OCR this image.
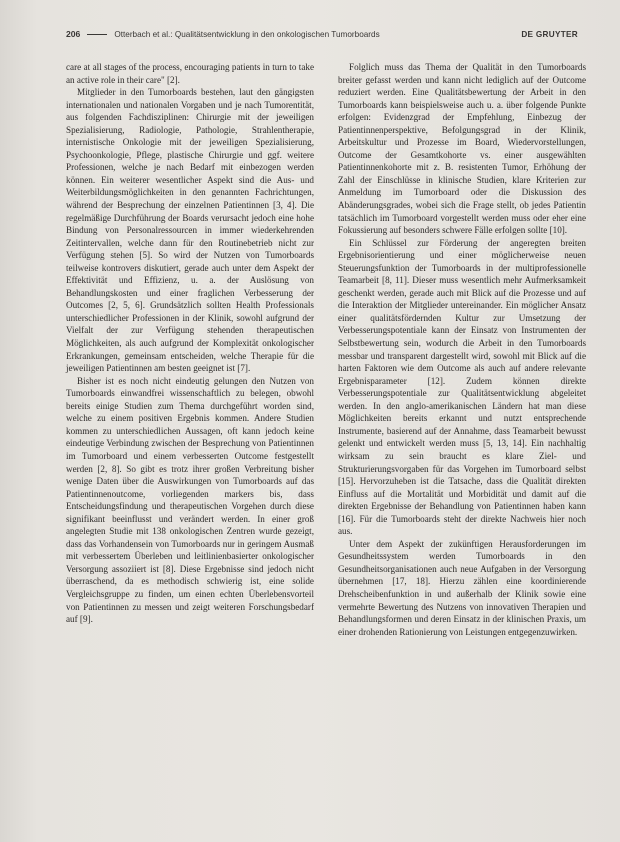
206	Otterbach et al.: Qualitätsentwicklung in den onkologischen Tumorboards	DE GRUYTER

care at all stages of the process, encouraging patients in turn to take an active role in their care" [2].

Mitglieder in den Tumorboards bestehen, laut den gängigsten internationalen und nationalen Vorgaben und je nach Tumorentität, aus folgenden Fachdisziplinen: Chirurgie mit der jeweiligen Spezialisierung, Radiologie, Pathologie, Strahlentherapie, internistische Onkologie mit der jeweiligen Spezialisierung, Psychoonkologie, Pflege, plastische Chirurgie und ggf. weitere Professionen, welche je nach Bedarf mit einbezogen werden können. Ein weiterer wesentlicher Aspekt sind die Aus- und Weiterbildungsmöglichkeiten in den genannten Fachrichtungen, während der Besprechung der einzelnen Patientinnen [3, 4]. Die regelmäßige Durchführung der Boards verursacht jedoch eine hohe Bindung von Personalressourcen in immer wiederkehrenden Zeitintervallen, welche dann für den Routinebetrieb nicht zur Verfügung stehen [5]. So wird der Nutzen von Tumorboards teilweise kontrovers diskutiert, gerade auch unter dem Aspekt der Effektivität und Effizienz, u. a. der Auslösung von Behandlungskosten und einer fraglichen Verbesserung der Outcomes [2, 5, 6]. Grundsätzlich sollten Health Professionals unterschiedlicher Professionen in der Klinik, sowohl aufgrund der Vielfalt der zur Verfügung stehenden therapeutischen Möglichkeiten, als auch aufgrund der Komplexität onkologischer Erkrankungen, gemeinsam entscheiden, welche Therapie für die jeweiligen Patientinnen am besten geeignet ist [7].

Bisher ist es noch nicht eindeutig gelungen den Nutzen von Tumorboards einwandfrei wissenschaftlich zu belegen, obwohl bereits einige Studien zum Thema durchgeführt worden sind, welche zu einem positiven Ergebnis kommen. Andere Studien kommen zu unterschiedlichen Aussagen, oft kann jedoch keine eindeutige Verbindung zwischen der Besprechung von Patientinnen im Tumorboard und einem verbesserten Outcome festgestellt werden [2, 8]. So gibt es trotz ihrer großen Verbreitung bisher wenige Daten über die Auswirkungen von Tumorboards auf das Patientinnenoutcome, vorliegenden markers bis, dass Entscheidungsfindung und therapeutischen Vorgehen durch diese signifikant beeinflusst und verändert werden. In einer groß angelegten Studie mit 138 onkologischen Zentren wurde gezeigt, dass das Vorhandensein von Tumorboards nur in geringem Ausmaß mit verbessertem Überleben und leitlinienbasierter onkologischer Versorgung assoziiert ist [8]. Diese Ergebnisse sind jedoch nicht überraschend, da es methodisch schwierig ist, eine solide Vergleichsgruppe zu finden, um einen echten Überlebensvorteil von Patientinnen zu messen und zeigt weiteren Forschungsbedarf auf [9].

Folglich muss das Thema der Qualität in den Tumorboards breiter gefasst werden und kann nicht lediglich auf der Outcome reduziert werden. Eine Qualitätsbewertung der Arbeit in den Tumorboards kann beispielsweise auch u. a. über folgende Punkte erfolgen: Evidenzgrad der Empfehlung, Einbezug der Patientinnenperspektive, Befolgungsgrad in der Klinik, Arbeitskultur und Prozesse im Board, Wiedervorstellungen, Outcome der Gesamtkohorte vs. einer ausgewählten Patientinnenkohorte mit z. B. resistenten Tumor, Erhöhung der Zahl der Einschlüsse in klinische Studien, klare Kriterien zur Anmeldung im Tumorboard oder die Diskussion des Abänderungsgrades, wobei sich die Frage stellt, ob jedes Patientin tatsächlich im Tumorboard vorgestellt werden muss oder eher eine Fokussierung auf besonders schwere Fälle erfolgen sollte [10].

Ein Schlüssel zur Förderung der angeregten breiten Ergebnisorientierung und einer möglicherweise neuen Steuerungsfunktion der Tumorboards in der multiprofessionelle Teamarbeit [8, 11]. Dieser muss wesentlich mehr Aufmerksamkeit geschenkt werden, gerade auch mit Blick auf die Prozesse und auf die Interaktion der Mitglieder untereinander. Ein möglicher Ansatz einer qualitätsfördernden Kultur zur Umsetzung der Verbesserungspotentiale kann der Einsatz von Instrumenten der Selbstbewertung sein, wodurch die Arbeit in den Tumorboards messbar und transparent dargestellt wird, sowohl mit Blick auf die harten Faktoren wie dem Outcome als auch auf andere relevante Ergebnisparameter [12]. Zudem können direkte Verbesserungspotentiale zur Qualitätsentwicklung abgeleitet werden. In den anglo-amerikanischen Ländern hat man diese Möglichkeiten bereits erkannt und nutzt entsprechende Instrumente, basierend auf der Annahme, dass Teamarbeit bewusst gelenkt und entwickelt werden muss [5, 13, 14]. Ein nachhaltig wirksam zu sein braucht es klare Ziel- und Strukturierungsvorgaben für das Vorgehen im Tumorboard selbst [15]. Hervorzuheben ist die Tatsache, dass die Qualität direkten Einfluss auf die Mortalität und Morbidität und damit auf die direkten Ergebnisse der Behandlung von Patientinnen haben kann [16]. Für die Tumorboards steht der direkte Nachweis hier noch aus.

Unter dem Aspekt der zukünftigen Herausforderungen im Gesundheitssystem werden Tumorboards in den Gesundheitsorganisationen auch neue Aufgaben in der Versorgung übernehmen [17, 18]. Hierzu zählen eine koordinierende Drehscheibenfunktion in und außerhalb der Klinik sowie eine vermehrte Bewertung des Nutzens von innovativen Therapien und Behandlungsformen und deren Einsatz in der klinischen Praxis, um einer drohenden Rationierung von Leistungen entgegenzuwirken.
